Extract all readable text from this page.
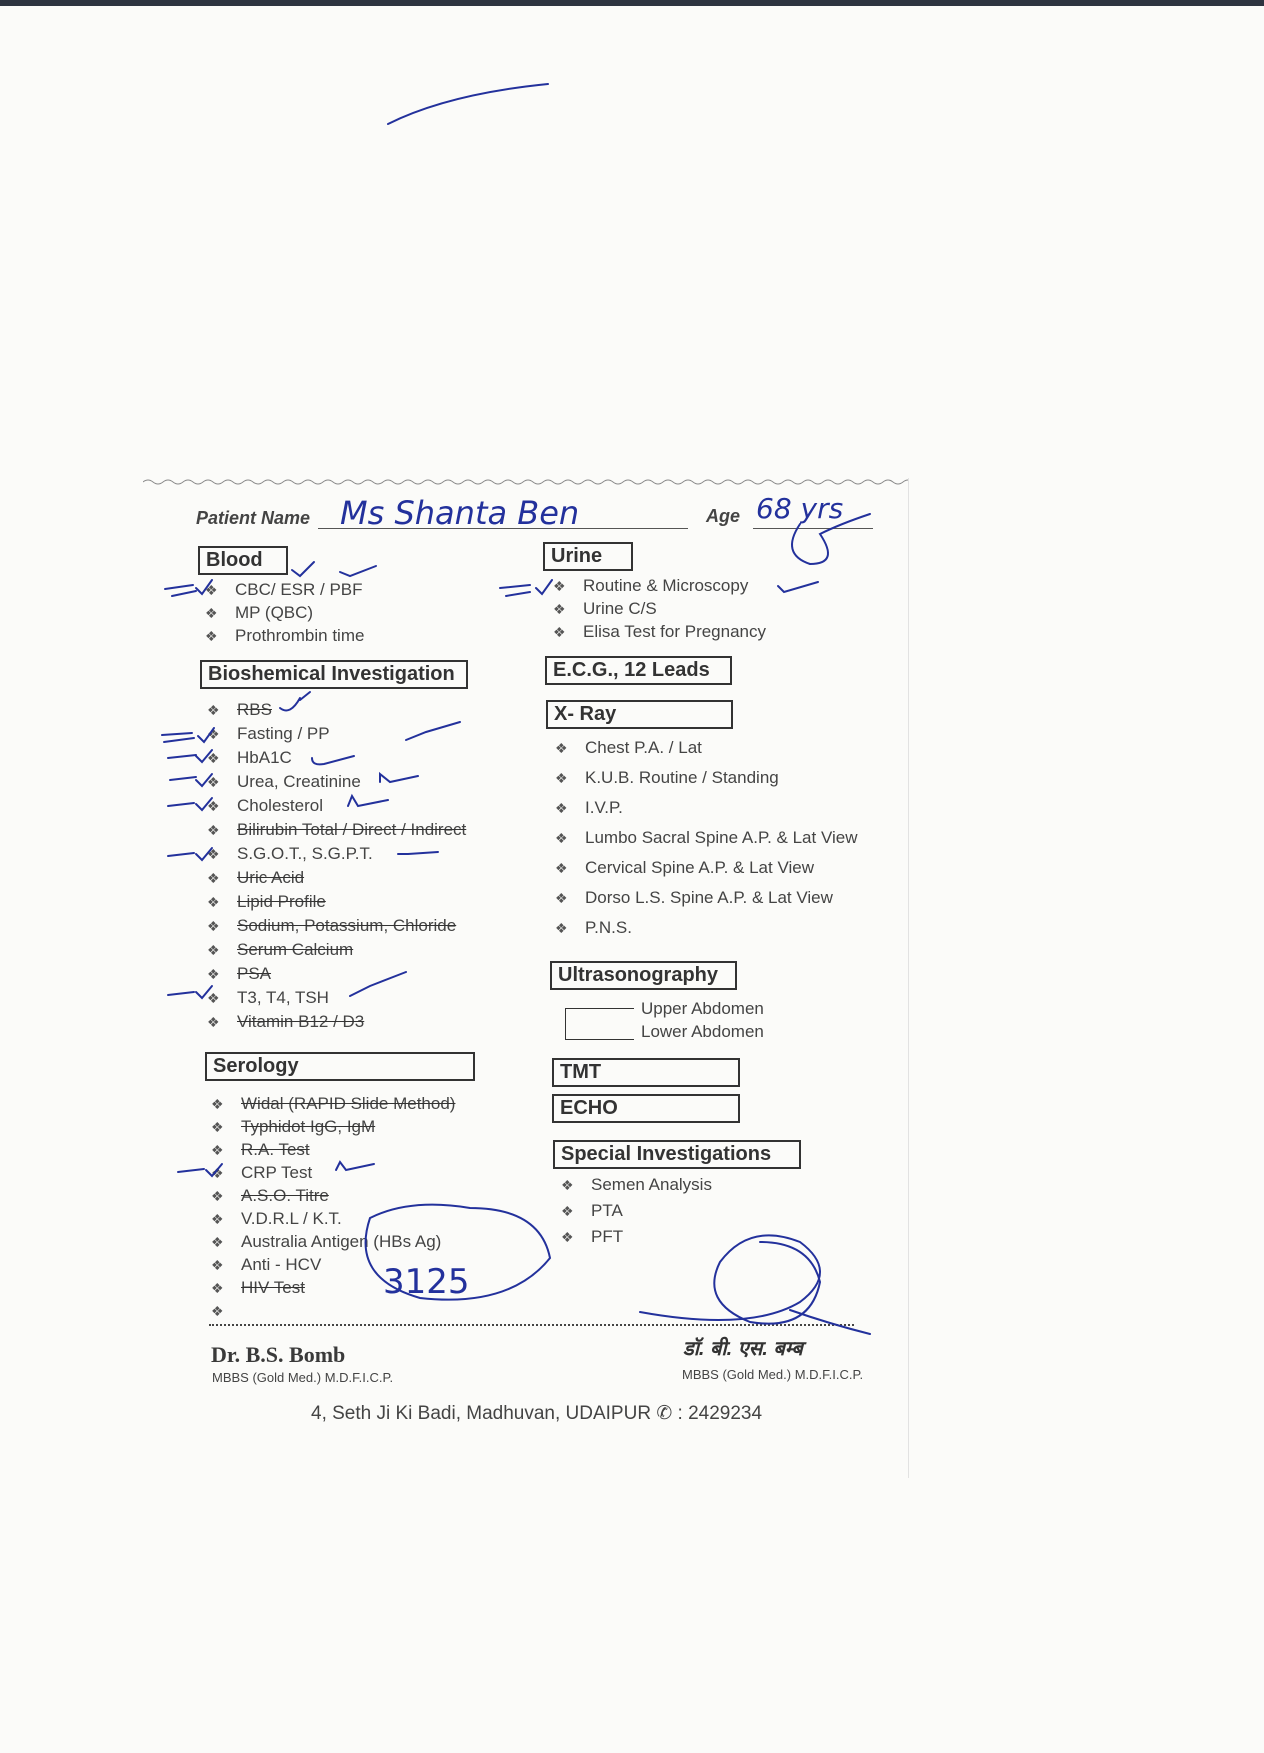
Patient Name Ms Shanta Ben	Age 68 yrs
Blood
❖ CBC/ ESR / PBF
❖ MP (QBC)
❖ Prothrombin time
Bioshemical Investigation
❖ RBS
❖ Fasting / PP
❖ HbA1C
❖ Urea, Creatinine
❖ Cholesterol
❖ Bilirubin Total / Direct / Indirect
❖ S.G.O.T., S.G.P.T.
❖ Uric Acid
❖ Lipid Profile
❖ Sodium, Potassium, Chloride
❖ Serum Calcium
❖ PSA
❖ T3, T4, TSH
❖ Vitamin B12 / D3
Serology
❖ Widal (RAPID Slide Method)
❖ Typhidot IgG, IgM
❖ R.A. Test
❖ CRP Test
❖ A.S.O. Titre
❖ V.D.R.L / K.T.
❖ Australia Antigen (HBs Ag)
❖ Anti - HCV
❖ HIV Test
❖
Urine
❖ Routine & Microscopy
❖ Urine C/S
❖ Elisa Test for Pregnancy
E.C.G., 12 Leads
X- Ray
❖ Chest P.A. / Lat
❖ K.U.B. Routine / Standing
❖ I.V.P.
❖ Lumbo Sacral Spine A.P. & Lat View
❖ Cervical Spine A.P. & Lat View
❖ Dorso L.S. Spine A.P. & Lat View
❖ P.N.S.
Ultrasonography
Upper Abdomen
Lower Abdomen
TMT
ECHO
Special Investigations
❖ Semen Analysis
❖ PTA
❖ PFT
Dr. B.S. Bomb
MBBS (Gold Med.) M.D.F.I.C.P.
डॉ. बी. एस. बम्ब
MBBS (Gold Med.) M.D.F.I.C.P.
4, Seth Ji Ki Badi, Madhuvan, UDAIPUR ✆ : 2429234
3125
